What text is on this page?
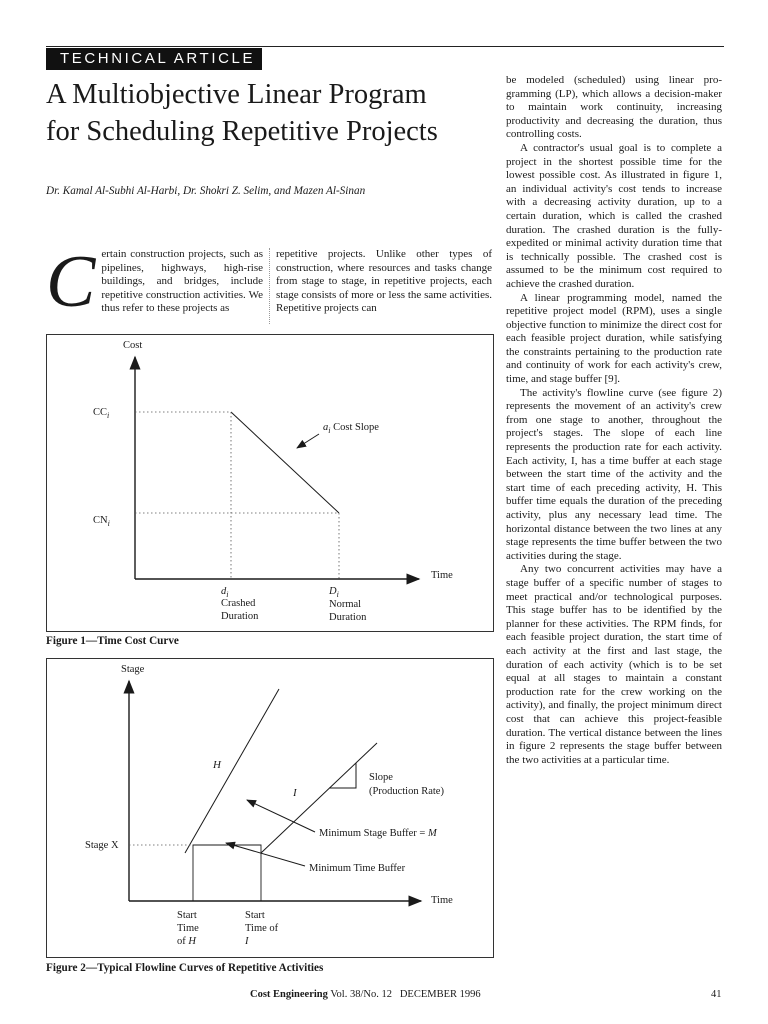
TECHNICAL ARTICLE
A Multiobjective Linear Program
for Scheduling Repetitive Projects
Dr. Kamal Al-Subhi Al-Harbi, Dr. Shokri Z. Selim, and Mazen Al-Sinan
C ertain construction projects, such as pipelines, highways, high-rise buildings, and bridges, include repetitive construction activities. We thus refer to these projects as
repetitive projects. Unlike other types of construction, where resources and tasks change from stage to stage, in repetitive projects, each stage consists of more or less the same activities. Repetitive projects can

be modeled (scheduled) using linear programming (LP), which allows a decision-maker to maintain work continuity, increasing productivity and decreasing the duration, thus controlling costs.

A contractor's usual goal is to complete a project in the shortest possible time for the lowest possible cost. As illustrated in figure 1, an individual activity's cost tends to increase with a decreasing activity duration, up to a certain duration, which is called the crashed duration. The crashed duration is the fully-expedited or minimal activity duration time that is technically possible. The crashed cost is assumed to be the minimum cost required to achieve the crashed duration.

A linear programming model, named the repetitive project model (RPM), uses a single objective function to minimize the direct cost for each feasible project duration, while satisfying the constraints pertaining to the production rate and continuity of work for each activity's crew, time, and stage buffer [9].

The activity's flowline curve (see figure 2) represents the movement of an activity's crew from one stage to another, throughout the project's stages. The slope of each line represents the production rate for each activity. Each activity, I, has a time buffer at each stage between the start time of the activity and the start time of each preceding activity, H. This buffer time equals the duration of the preceding activity, plus any necessary lead time. The horizontal distance between the two lines at any stage represents the time buffer between the two activities during the stage.

Any two concurrent activities may have a stage buffer of a specific number of stages to meet practical and/or technological purposes. This stage buffer has to be identified by the planner for these activities. The RPM finds, for each feasible project duration, the start time of each activity at the first and last stage, the duration of each activity (which is to be set equal at all stages to maintain a constant production rate for the crew working on the activity), and finally, the project minimum direct cost that can achieve this project-feasible duration. The vertical distance between the lines in figure 2 represents the stage buffer between the two activities at a particular time.

Cost
Time
$CC_i$
$CN_i$
$a_i$ Cost Slope
$d_i$
Crashed
Duration
$D_i$
Normal
Duration
Figure 1—Time Cost Curve
Stage
Time
H
I
Slope
(Production Rate)
Minimum Stage Buffer = M
Minimum Time Buffer
Stage X
Start
Time
of H
Start
Time of
I
Figure 2—Typical Flowline Curves of Repetitive Activities
Cost Engineering Vol. 38/No. 12   DECEMBER 1996	41
